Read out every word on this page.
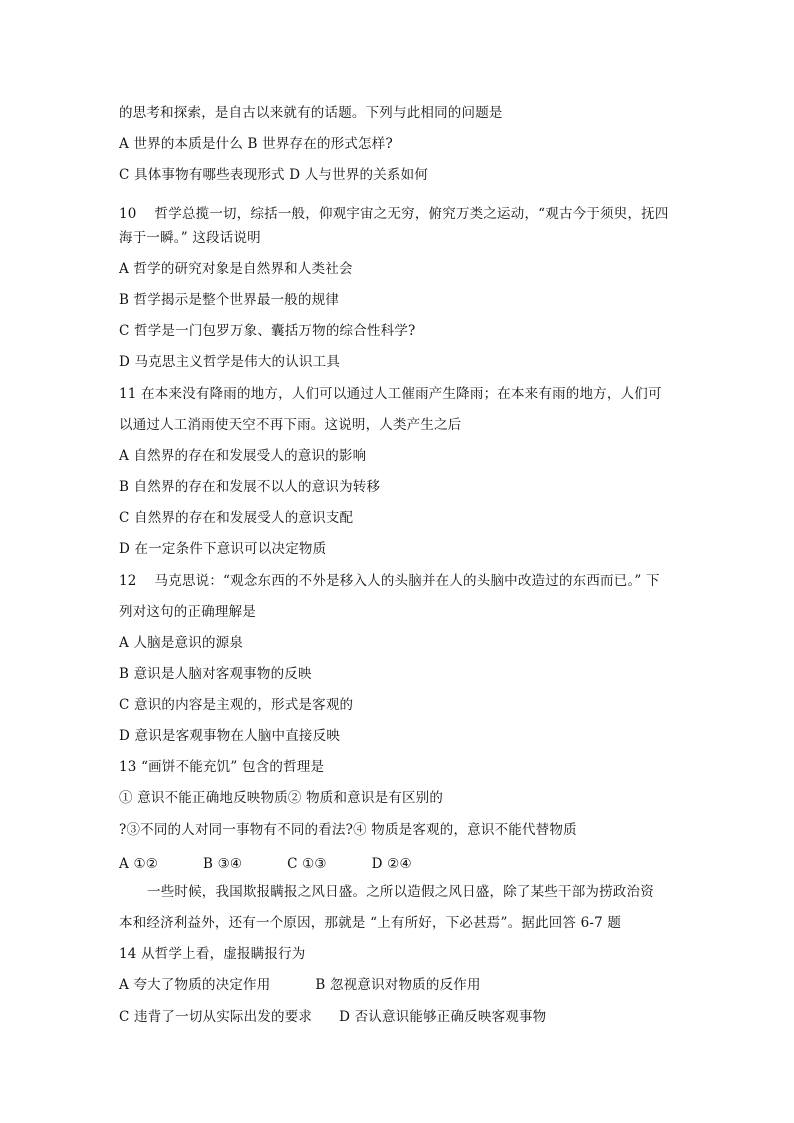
的思考和探索，是自古以来就有的话题。下列与此相同的问题是
A 世界的本质是什么 B 世界存在的形式怎样?
C 具体事物有哪些表现形式 D 人与世界的关系如何
10    哲学总揽一切，综括一般，仰观宇宙之无穷，俯究万类之运动，“观古今于须臾，抚四
海于一瞬。” 这段话说明
A 哲学的研究对象是自然界和人类社会
B 哲学揭示是整个世界最一般的规律
C 哲学是一门包罗万象、囊括万物的综合性科学?
D 马克思主义哲学是伟大的认识工具
11 在本来没有降雨的地方，人们可以通过人工催雨产生降雨；在本来有雨的地方，人们可
以通过人工消雨使天空不再下雨。这说明，人类产生之后
A 自然界的存在和发展受人的意识的影响
B 自然界的存在和发展不以人的意识为转移
C 自然界的存在和发展受人的意识支配
D 在一定条件下意识可以决定物质
12    马克思说：“观念东西的不外是移入人的头脑并在人的头脑中改造过的东西而已。” 下
列对这句的正确理解是
A 人脑是意识的源泉
B 意识是人脑对客观事物的反映
C 意识的内容是主观的，形式是客观的
D 意识是客观事物在人脑中直接反映
13 “画饼不能充饥” 包含的哲理是
① 意识不能正确地反映物质② 物质和意识是有区别的
?③不同的人对同一事物有不同的看法?④ 物质是客观的，意识不能代替物质
A ①②          B ③④          C ①③          D ②④
一些时候，我国欺报瞒报之风日盛。之所以造假之风日盛，除了某些干部为捞政治资
本和经济利益外，还有一个原因，那就是 “上有所好，下必甚焉”。据此回答 6-7 题
14 从哲学上看，虚报瞒报行为
A 夸大了物质的决定作用          B 忽视意识对物质的反作用
C 违背了一切从实际出发的要求      D 否认意识能够正确反映客观事物
